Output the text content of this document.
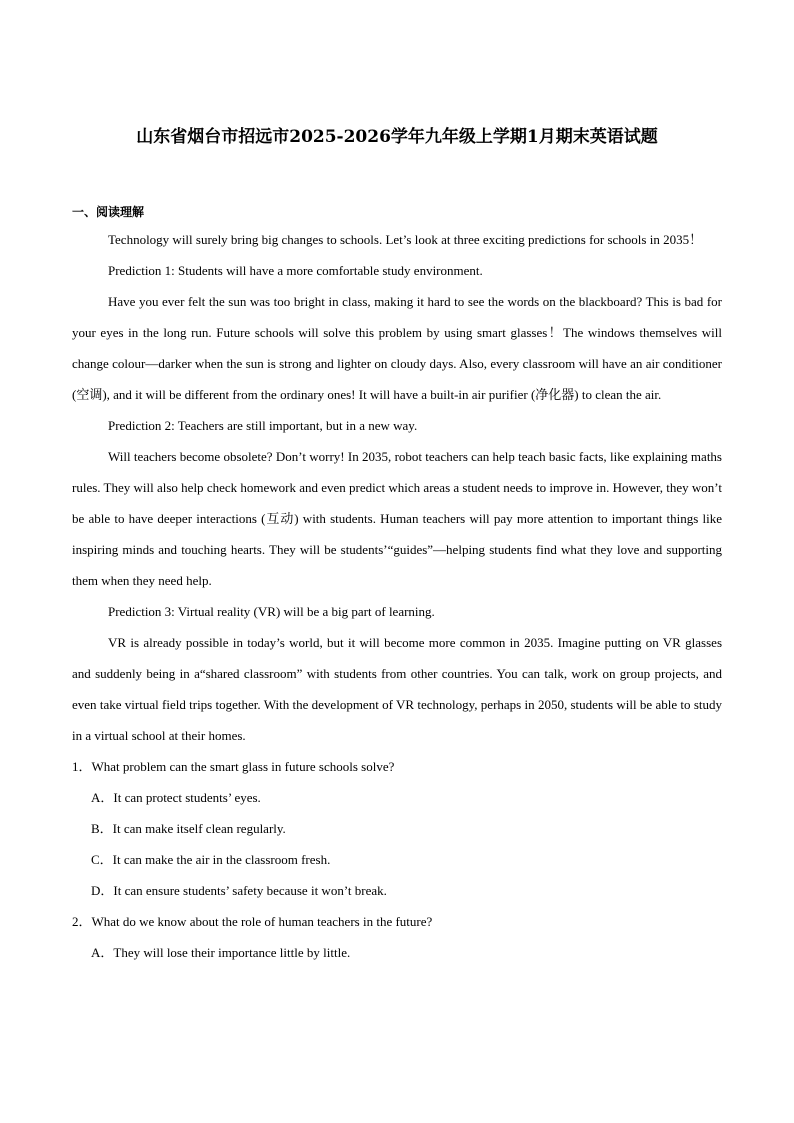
山东省烟台市招远市2025-2026学年九年级上学期1月期末英语试题

一、阅读理解

Technology will surely bring big changes to schools. Let’s look at three exciting predictions for schools in 2035！

Prediction 1: Students will have a more comfortable study environment.

Have you ever felt the sun was too bright in class, making it hard to see the words on the blackboard? This is bad for your eyes in the long run. Future schools will solve this problem by using smart glasses！The windows themselves will change colour—darker when the sun is strong and lighter on cloudy days. Also, every classroom will have an air conditioner (空调), and it will be different from the ordinary ones! It will have a built-in air purifier (净化器) to clean the air.

Prediction 2: Teachers are still important, but in a new way.

Will teachers become obsolete? Don’t worry! In 2035, robot teachers can help teach basic facts, like explaining maths rules. They will also help check homework and even predict which areas a student needs to improve in. However, they won’t be able to have deeper interactions (互动) with students. Human teachers will pay more attention to important things like inspiring minds and touching hearts. They will be students’“guides”—helping students find what they love and supporting them when they need help.

Prediction 3: Virtual reality (VR) will be a big part of learning.

VR is already possible in today’s world, but it will become more common in 2035. Imagine putting on VR glasses and suddenly being in a“shared classroom” with students from other countries. You can talk, work on group projects, and even take virtual field trips together. With the development of VR technology, perhaps in 2050, students will be able to study in a virtual school at their homes.

1．What problem can the smart glass in future schools solve?

A．It can protect students’ eyes.

B．It can make itself clean regularly.

C．It can make the air in the classroom fresh.

D．It can ensure students’ safety because it won’t break.

2．What do we know about the role of human teachers in the future?

A．They will lose their importance little by little.
